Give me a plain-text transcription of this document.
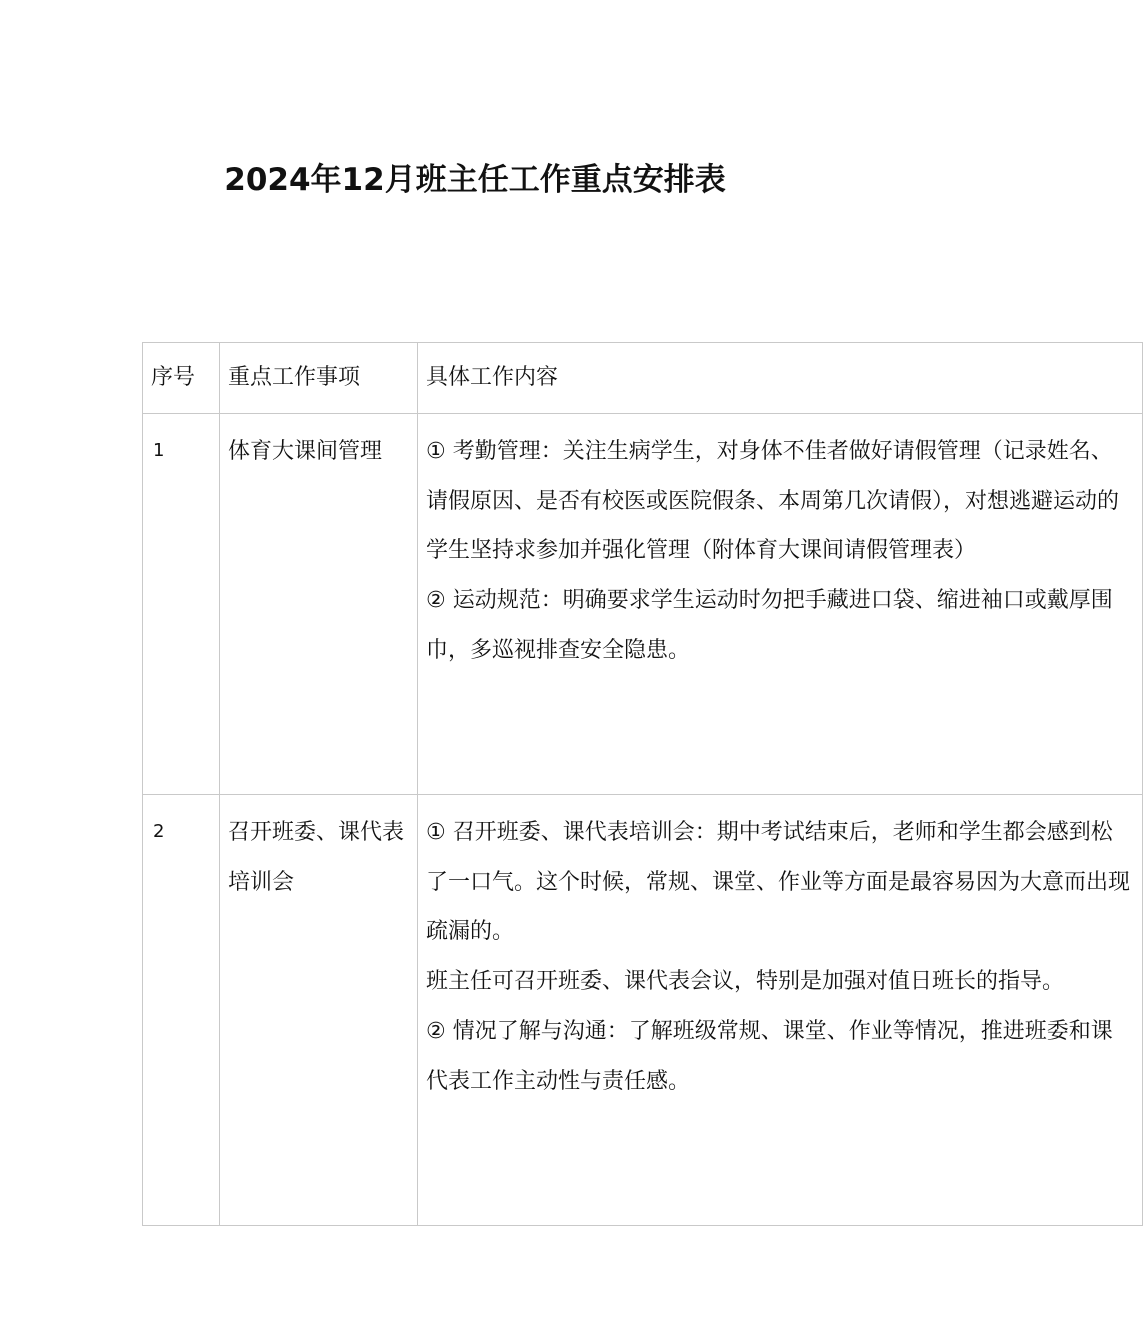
2024年12月班主任工作重点安排表
序号	重点工作事项	具体工作内容
1	体育大课间管理	① 考勤管理：关注生病学生，对身体不佳者做好请假管理（记录姓名、请假原因、是否有校医或医院假条、本周第几次请假），对想逃避运动的学生坚持求参加并强化管理（附体育大课间请假管理表）
② 运动规范：明确要求学生运动时勿把手藏进口袋、缩进袖口或戴厚围巾，多巡视排查安全隐患。

2	召开班委、课代表培训会	① 召开班委、课代表培训会：期中考试结束后，老师和学生都会感到松了一口气。这个时候，常规、课堂、作业等方面是最容易因为大意而出现疏漏的。
班主任可召开班委、课代表会议，特别是加强对值日班长的指导。
② 情况了解与沟通：了解班级常规、课堂、作业等情况，推进班委和课代表工作主动性与责任感。
